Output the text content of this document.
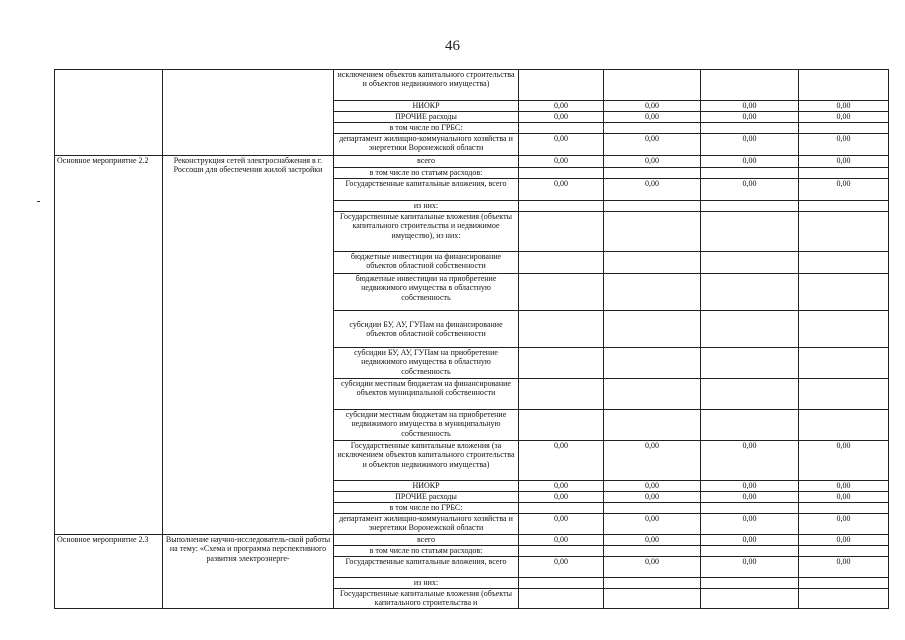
46
		исключением объектов капитального строительства и объектов недвижимого имущества)				
		НИОКР	0,00	0,00	0,00	0,00
		ПРОЧИЕ расходы	0,00	0,00	0,00	0,00
		в том числе по ГРБС:				
		департамент жилищно-коммунального хозяйства и энергетики Воронежской области	0,00	0,00	0,00	0,00
Основное мероприятие 2.2	Реконструкция сетей электроснабжения в г. Россоши для обеспечения жилой застройки	всего	0,00	0,00	0,00	0,00
		в том числе по статьям расходов:				
		Государственные капитальные вложения, всего	0,00	0,00	0,00	0,00
		из них:				
		Государственные капитальные вложения (объекты капитального строительства и недвижимое имущество), из них:				
		бюджетные инвестиции на финансирование объектов областной собственности				
		бюджетные инвестиции на приобретение недвижимого имущества в областную собственность				
		субсидии БУ, АУ, ГУПам на финансирование объектов областной собственности				
		субсидии БУ, АУ, ГУПам на приобретение недвижимого имущества в областную собственность				
		субсидии местным бюджетам на финансирование объектов муниципальной собственности				
		субсидии местным бюджетам на приобретение недвижимого имущества в муниципальную собственность				
		Государственные капитальные вложения (за исключением объектов капитального строительства и объектов недвижимого имущества)	0,00	0,00	0,00	0,00
		НИОКР	0,00	0,00	0,00	0,00
		ПРОЧИЕ расходы	0,00	0,00	0,00	0,00
		в том числе по ГРБС:				
		департамент жилищно-коммунального хозяйства и энергетики Воронежской области	0,00	0,00	0,00	0,00
Основное мероприятие 2.3	Выполнение научно-исследователь-ской работы на тему: «Схема и программа перспективного развития электроэнерге-	всего	0,00	0,00	0,00	0,00
		в том числе по статьям расходов:				
		Государственные капитальные вложения, всего	0,00	0,00	0,00	0,00
		из них:				
		Государственные капитальные вложения (объекты капитального строительства и				
